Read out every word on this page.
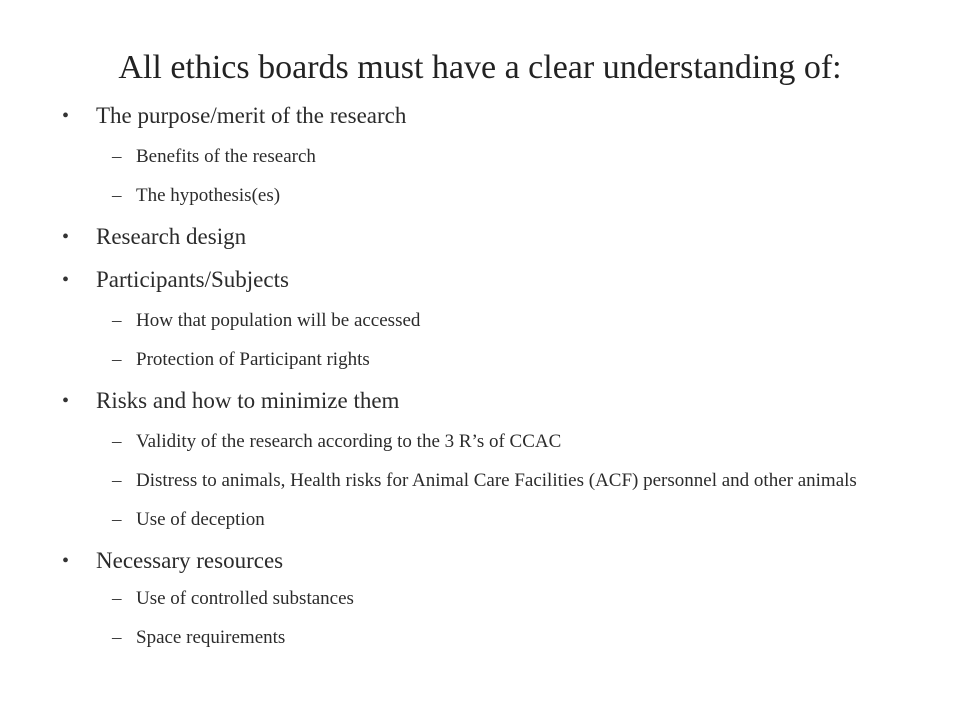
All ethics boards must have a clear understanding of:
• The purpose/merit of the research
– Benefits of the research
– The hypothesis(es)
• Research design
• Participants/Subjects
– How that population will be accessed
– Protection of Participant rights
• Risks and how to minimize them
– Validity of the research according to the 3 R’s of CCAC
– Distress to animals, Health risks for Animal Care Facilities (ACF) personnel and other animals
– Use of deception
• Necessary resources
– Use of controlled substances
– Space requirements
